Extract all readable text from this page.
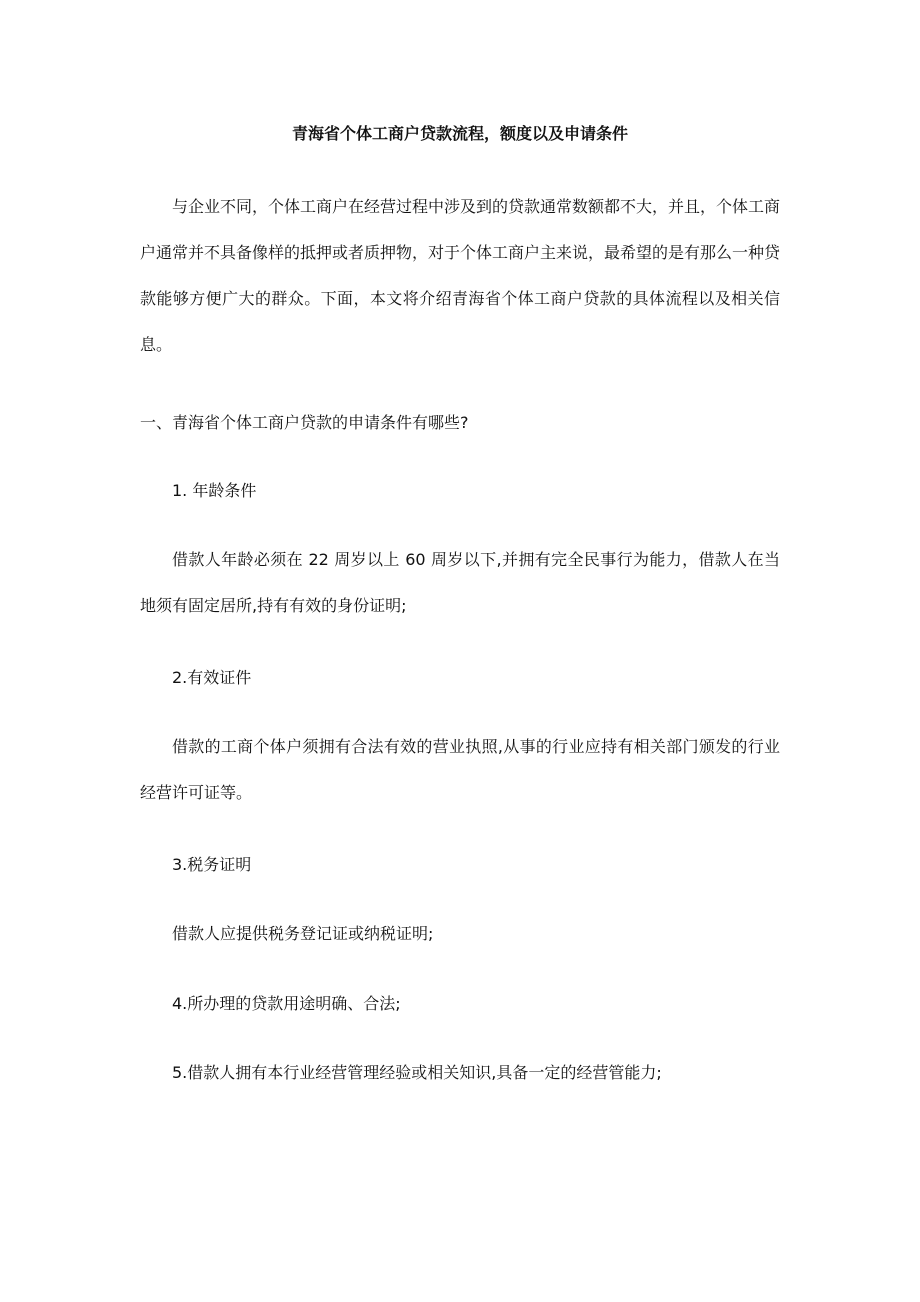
青海省个体工商户贷款流程，额度以及申请条件

与企业不同，个体工商户在经营过程中涉及到的贷款通常数额都不大，并且，个体工商户通常并不具备像样的抵押或者质押物，对于个体工商户主来说，最希望的是有那么一种贷款能够方便广大的群众。下面，本文将介绍青海省个体工商户贷款的具体流程以及相关信息。

一、青海省个体工商户贷款的申请条件有哪些?

1. 年龄条件

借款人年龄必须在 22 周岁以上 60 周岁以下,并拥有完全民事行为能力，借款人在当地须有固定居所,持有有效的身份证明;

2.有效证件

借款的工商个体户须拥有合法有效的营业执照,从事的行业应持有相关部门颁发的行业经营许可证等。

3.税务证明

借款人应提供税务登记证或纳税证明;

4.所办理的贷款用途明确、合法;

5.借款人拥有本行业经营管理经验或相关知识,具备一定的经营管能力;
